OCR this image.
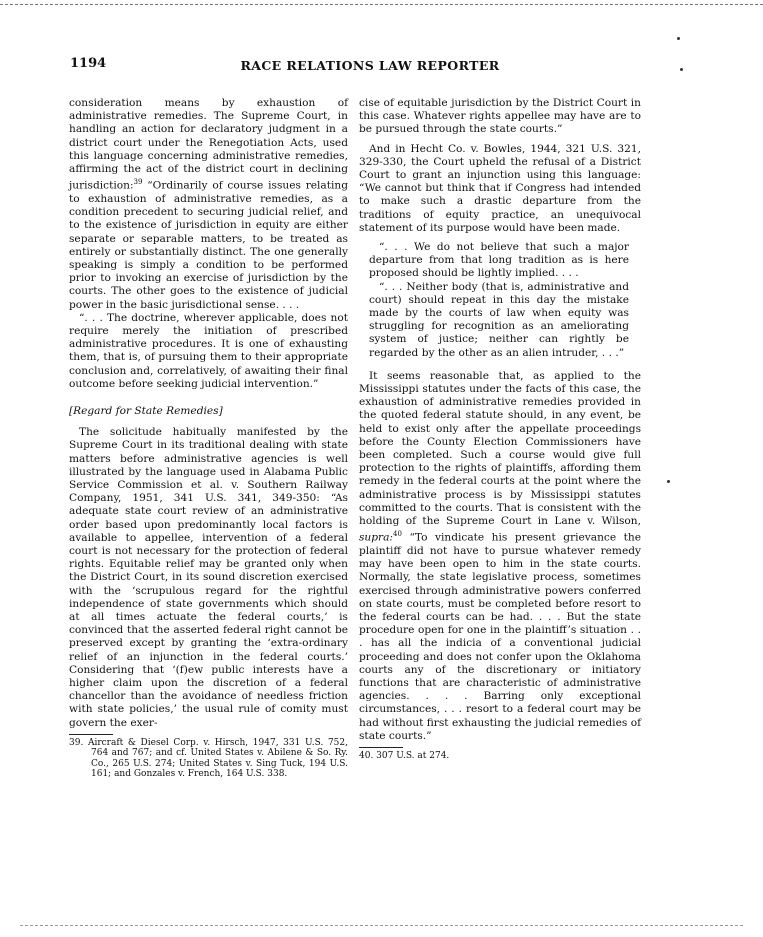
1194	RACE RELATIONS LAW REPORTER

consideration means by exhaustion of administrative remedies. The Supreme Court, in handling an action for declaratory judgment in a district court under the Renegotiation Acts, used this language concerning administrative remedies, affirming the act of the district court in declining jurisdiction:$^{39}$ “Ordinarily of course issues relating to exhaustion of administrative remedies, as a condition precedent to securing judicial relief, and to the existence of jurisdiction in equity are either separate or separable matters, to be treated as entirely or substantially distinct. The one generally speaking is simply a condition to be performed prior to invoking an exercise of jurisdiction by the courts. The other goes to the existence of judicial power in the basic jurisdictional sense. . . .

“. . . The doctrine, wherever applicable, does not require merely the initiation of prescribed administrative procedures. It is one of exhausting them, that is, of pursuing them to their appropriate conclusion and, correlatively, of awaiting their final outcome before seeking judicial intervention.”

[Regard for State Remedies]

The solicitude habitually manifested by the Supreme Court in its traditional dealing with state matters before administrative agencies is well illustrated by the language used in Alabama Public Service Commission et al. v. Southern Railway Company, 1951, 341 U.S. 341, 349-350: “As adequate state court review of an administrative order based upon predominantly local factors is available to appellee, intervention of a federal court is not necessary for the protection of federal rights. Equitable relief may be granted only when the District Court, in its sound discretion exercised with the ‘scrupulous regard for the rightful independence of state governments which should at all times actuate the federal courts,’ is convinced that the asserted federal right cannot be preserved except by granting the ‘extra-ordinary relief of an injunction in the federal courts.’ Considering that ‘(f)ew public interests have a higher claim upon the discretion of a federal chancellor than the avoidance of needless friction with state policies,’ the usual rule of comity must govern the exer-

39. Aircraft & Diesel Corp. v. Hirsch, 1947, 331 U.S. 752, 764 and 767; and cf. United States v. Abilene & So. Ry. Co., 265 U.S. 274; United States v. Sing Tuck, 194 U.S. 161; and Gonzales v. French, 164 U.S. 338.

cise of equitable jurisdiction by the District Court in this case. Whatever rights appellee may have are to be pursued through the state courts.”

And in Hecht Co. v. Bowles, 1944, 321 U.S. 321, 329-330, the Court upheld the refusal of a District Court to grant an injunction using this language: “We cannot but think that if Congress had intended to make such a drastic departure from the traditions of equity practice, an unequivocal statement of its purpose would have been made.

“. . . We do not believe that such a major departure from that long tradition as is here proposed should be lightly implied. . . .

“. . . Neither body (that is, administrative and court) should repeat in this day the mistake made by the courts of law when equity was struggling for recognition as an ameliorating system of justice; neither can rightly be regarded by the other as an alien intruder, . . .”

It seems reasonable that, as applied to the Mississippi statutes under the facts of this case, the exhaustion of administrative remedies provided in the quoted federal statute should, in any event, be held to exist only after the appellate proceedings before the County Election Commissioners have been completed. Such a course would give full protection to the rights of plaintiffs, affording them remedy in the federal courts at the point where the administrative process is by Mississippi statutes committed to the courts. That is consistent with the holding of the Supreme Court in Lane v. Wilson, supra:$^{40}$ “To vindicate his present grievance the plaintiff did not have to pursue whatever remedy may have been open to him in the state courts. Normally, the state legislative process, sometimes exercised through administrative powers conferred on state courts, must be completed before resort to the federal courts can be had. . . . But the state procedure open for one in the plaintiff’s situation . . . has all the indicia of a conventional judicial proceeding and does not confer upon the Oklahoma courts any of the discretionary or initiatory functions that are characteristic of administrative agencies. . . . Barring only exceptional circumstances, . . . resort to a federal court may be had without first exhausting the judicial remedies of state courts.”

40. 307 U.S. at 274.
